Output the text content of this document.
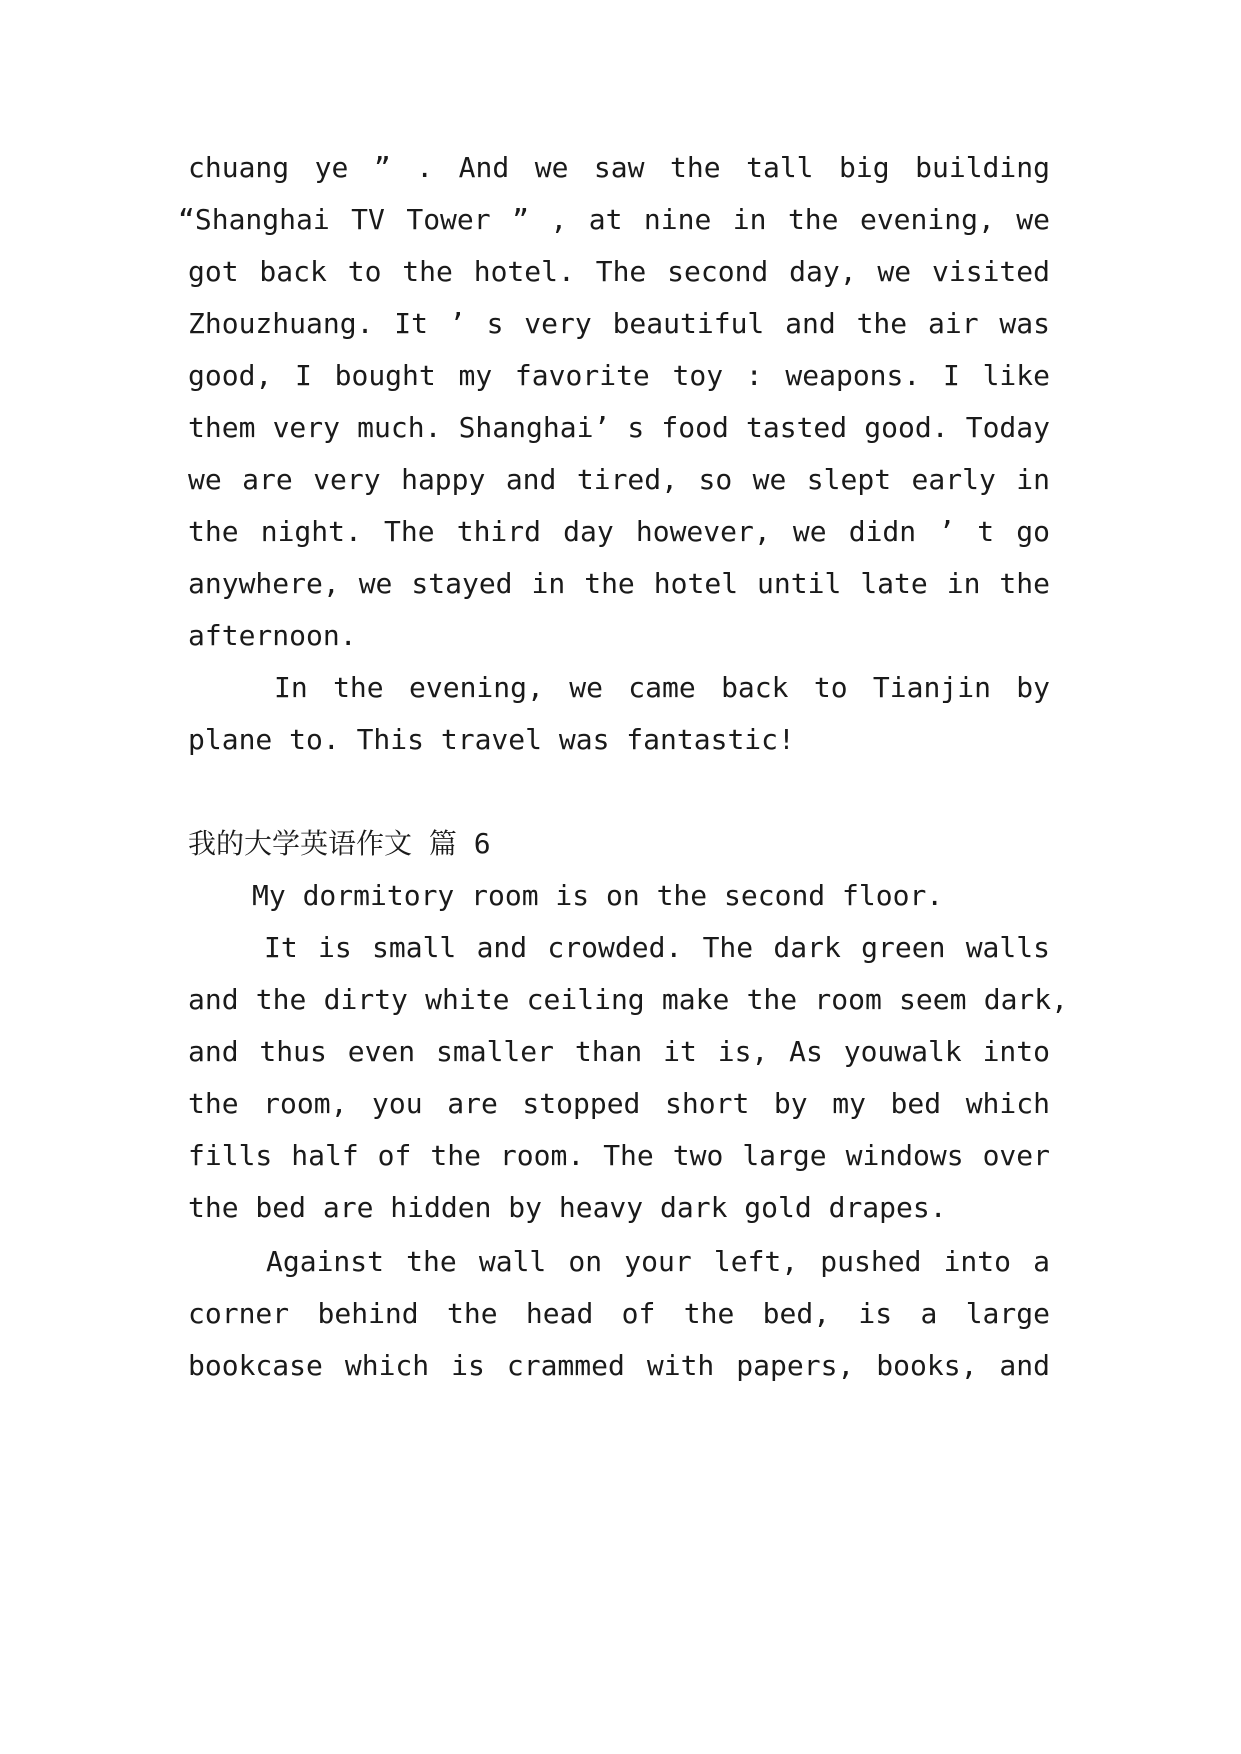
chuang ye ” . And we saw the tall big building
“Shanghai TV Tower ” , at nine in the evening, we
got back to the hotel. The second day, we visited
Zhouzhuang. It ’ s very beautiful and the air was
good, I bought my favorite toy : weapons. I like
them very much. Shanghai’ s food tasted good. Today
we are very happy and tired, so we slept early in
the night. The third day however, we didn ’ t go
anywhere, we stayed in the hotel until late in the
afternoon.
In the evening, we came back to Tianjin by
plane to. This travel was fantastic!
我的大学英语作文 篇 6
My dormitory room is on the second floor.
It is small and crowded. The dark green walls
and the dirty white ceiling make the room seem dark,
and thus even smaller than it is, As youwalk into
the room, you are stopped short by my bed which
fills half of the room. The two large windows over
the bed are hidden by heavy dark gold drapes.
Against the wall on your left, pushed into a
corner behind the head of the bed, is a large
bookcase which is crammed with papers, books, and
